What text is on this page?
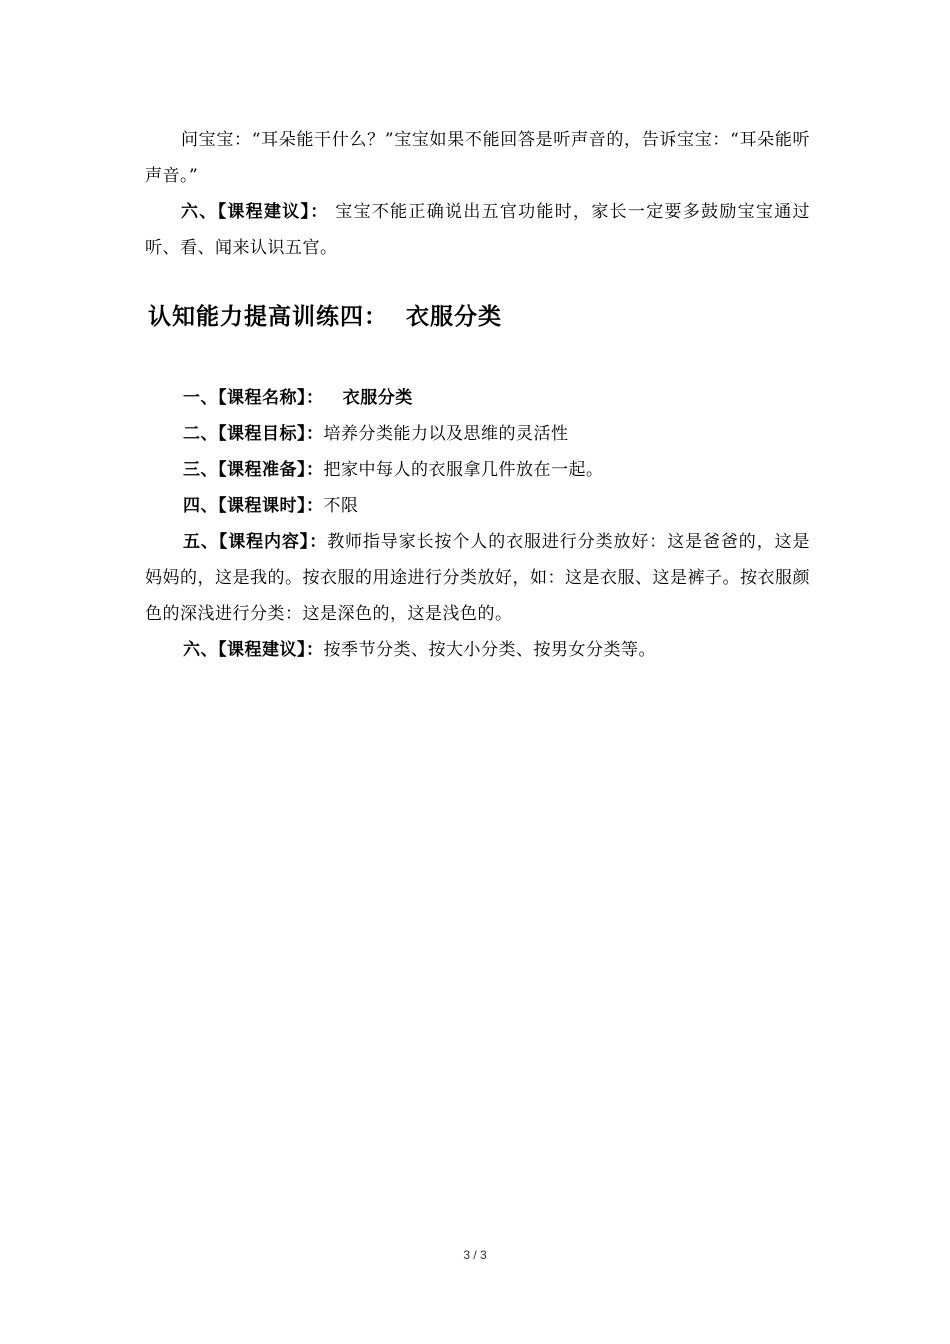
问宝宝：“耳朵能干什么？”宝宝如果不能回答是听声音的，告诉宝宝：“耳朵能听声音。”

六、【课程建议】： 宝宝不能正确说出五官功能时，家长一定要多鼓励宝宝通过听、看、闻来认识五官。

认知能力提高训练四：  衣服分类

一、【课程名称】：   衣服分类

二、【课程目标】：培养分类能力以及思维的灵活性

三、【课程准备】：把家中每人的衣服拿几件放在一起。

四、【课程课时】：不限

五、【课程内容】：教师指导家长按个人的衣服进行分类放好：这是爸爸的，这是妈妈的，这是我的。按衣服的用途进行分类放好，如：这是衣服、这是裤子。按衣服颜色的深浅进行分类：这是深色的，这是浅色的。

六、【课程建议】：按季节分类、按大小分类、按男女分类等。

3 / 3
